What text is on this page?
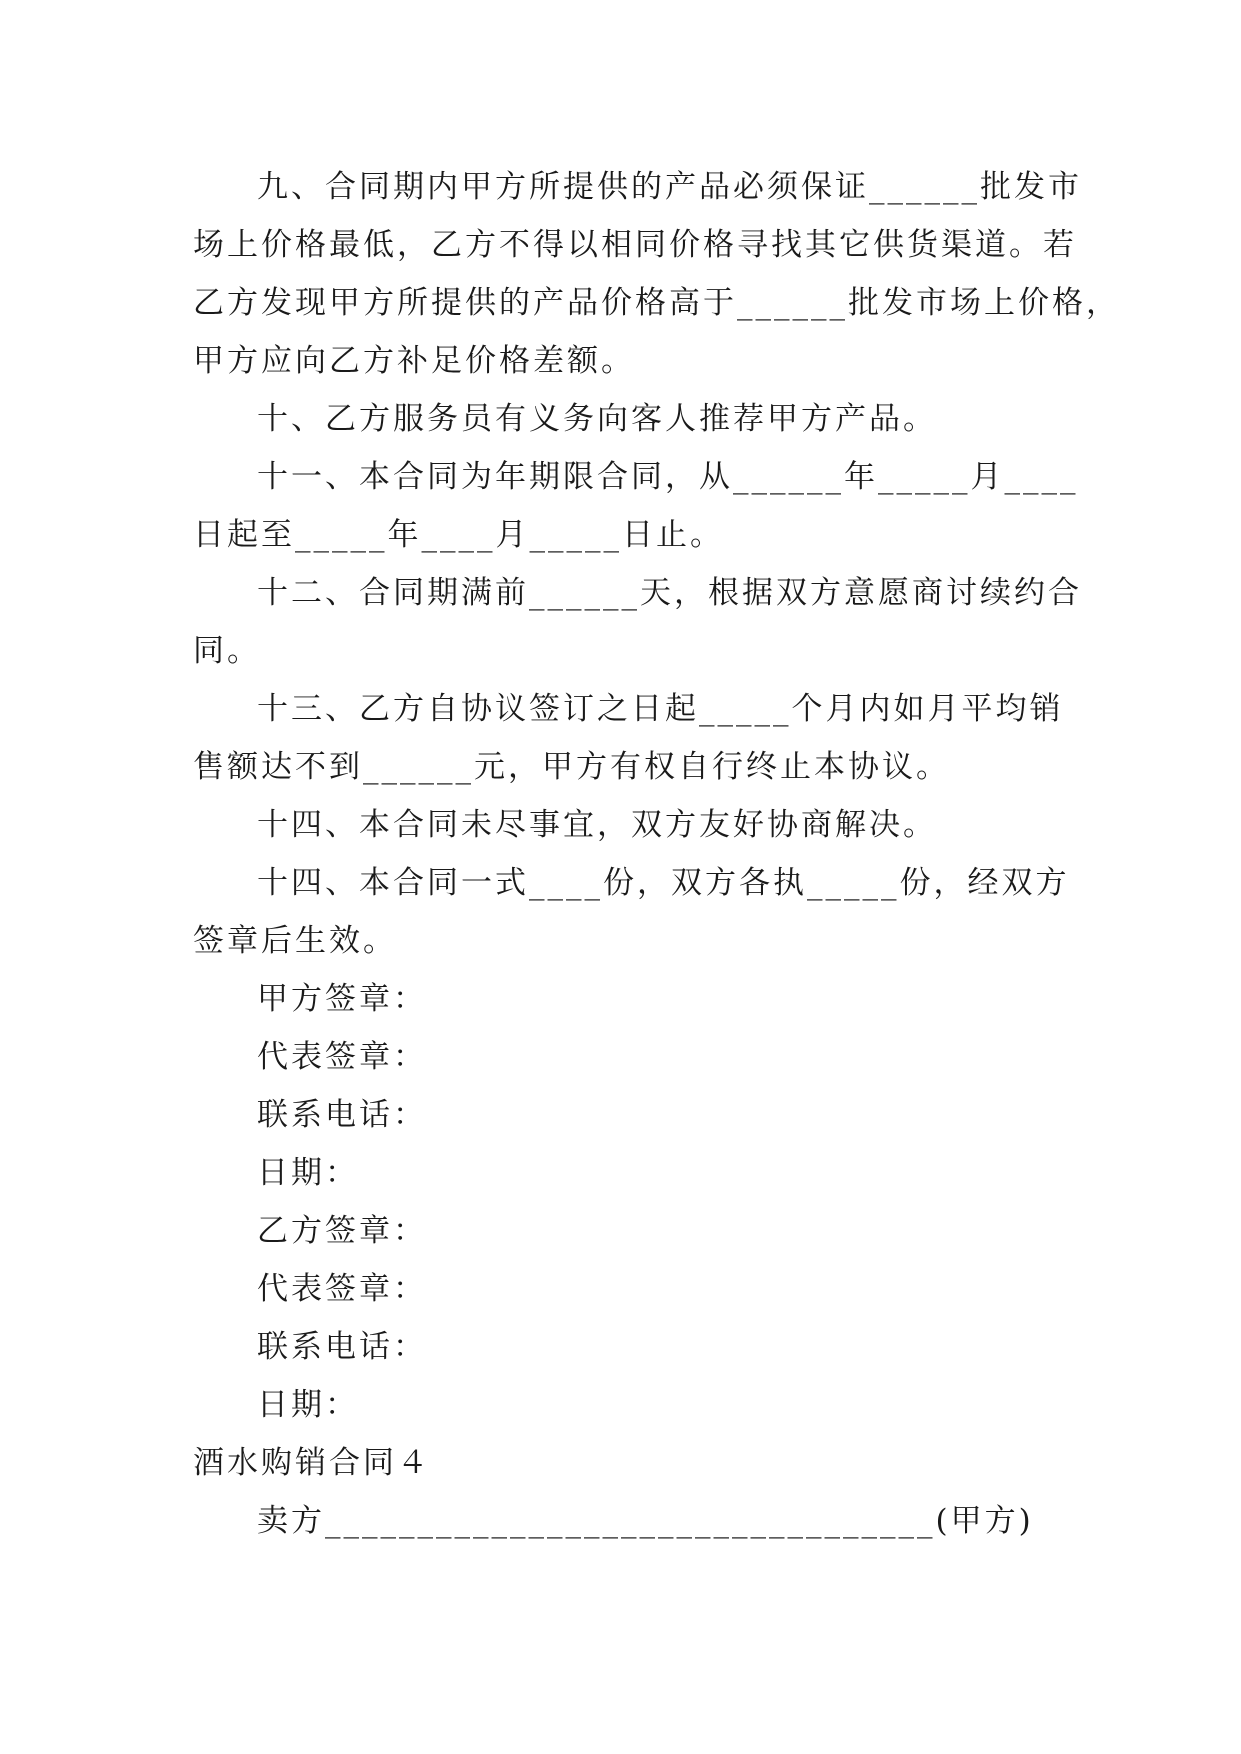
九、合同期内甲方所提供的产品必须保证______批发市
场上价格最低，乙方不得以相同价格寻找其它供货渠道。若
乙方发现甲方所提供的产品价格高于______批发市场上价格，
甲方应向乙方补足价格差额。

十、乙方服务员有义务向客人推荐甲方产品。

十一、本合同为年期限合同，从______年_____月____
日起至_____年____月_____日止。

十二、合同期满前______天，根据双方意愿商讨续约合
同。

十三、乙方自协议签订之日起_____个月内如月平均销
售额达不到______元，甲方有权自行终止本协议。

十四、本合同未尽事宜，双方友好协商解决。

十四、本合同一式____份，双方各执_____份，经双方
签章后生效。

甲方签章：

代表签章：

联系电话：

日期：

乙方签章：

代表签章：

联系电话：

日期：

酒水购销合同４

卖方_________________________________(甲方)
